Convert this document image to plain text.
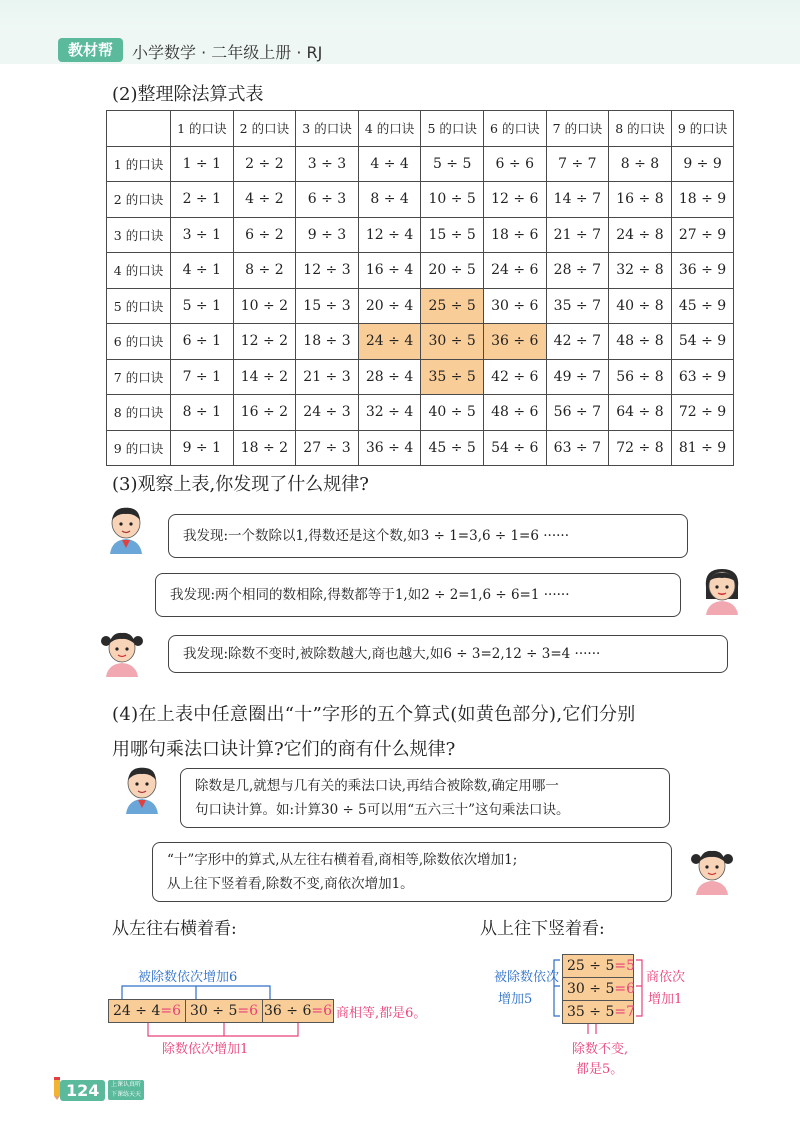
教材帮	小学数学 · 二年级上册 · RJ
(2)整理除法算式表
	1 的口诀	2 的口诀	3 的口诀	4 的口诀	5 的口诀	6 的口诀	7 的口诀	8 的口诀	9 的口诀
1 的口诀	1 ÷ 1	2 ÷ 2	3 ÷ 3	4 ÷ 4	5 ÷ 5	6 ÷ 6	7 ÷ 7	8 ÷ 8	9 ÷ 9
2 的口诀	2 ÷ 1	4 ÷ 2	6 ÷ 3	8 ÷ 4	10 ÷ 5	12 ÷ 6	14 ÷ 7	16 ÷ 8	18 ÷ 9
3 的口诀	3 ÷ 1	6 ÷ 2	9 ÷ 3	12 ÷ 4	15 ÷ 5	18 ÷ 6	21 ÷ 7	24 ÷ 8	27 ÷ 9
4 的口诀	4 ÷ 1	8 ÷ 2	12 ÷ 3	16 ÷ 4	20 ÷ 5	24 ÷ 6	28 ÷ 7	32 ÷ 8	36 ÷ 9
5 的口诀	5 ÷ 1	10 ÷ 2	15 ÷ 3	20 ÷ 4	25 ÷ 5	30 ÷ 6	35 ÷ 7	40 ÷ 8	45 ÷ 9
6 的口诀	6 ÷ 1	12 ÷ 2	18 ÷ 3	24 ÷ 4	30 ÷ 5	36 ÷ 6	42 ÷ 7	48 ÷ 8	54 ÷ 9
7 的口诀	7 ÷ 1	14 ÷ 2	21 ÷ 3	28 ÷ 4	35 ÷ 5	42 ÷ 6	49 ÷ 7	56 ÷ 8	63 ÷ 9
8 的口诀	8 ÷ 1	16 ÷ 2	24 ÷ 3	32 ÷ 4	40 ÷ 5	48 ÷ 6	56 ÷ 7	64 ÷ 8	72 ÷ 9
9 的口诀	9 ÷ 1	18 ÷ 2	27 ÷ 3	36 ÷ 4	45 ÷ 5	54 ÷ 6	63 ÷ 7	72 ÷ 8	81 ÷ 9
(3)观察上表,你发现了什么规律?
我发现:一个数除以1,得数还是这个数,如3 ÷ 1=3,6 ÷ 1=6 ······
我发现:两个相同的数相除,得数都等于1,如2 ÷ 2=1,6 ÷ 6=1 ······
我发现:除数不变时,被除数越大,商也越大,如6 ÷ 3=2,12 ÷ 3=4 ······
(4)在上表中任意圈出“十”字形的五个算式(如黄色部分),它们分别
用哪句乘法口诀计算?它们的商有什么规律?
除数是几,就想与几有关的乘法口诀,再结合被除数,确定用哪一
句口诀计算。如:计算30 ÷ 5可以用“五六三十”这句乘法口诀。
“十”字形中的算式,从左往右横着看,商相等,除数依次增加1;
从上往下竖着看,除数不变,商依次增加1。
从左往右横着看:
被除数依次增加6
24 ÷ 4=6 30 ÷ 5=6 36 ÷ 6=6 商相等,都是6。
除数依次增加1
从上往下竖着看:
被除数依次
增加5
25 ÷ 5=5
30 ÷ 5=6
35 ÷ 5=7
商依次
增加1
除数不变,
都是5。
124	上课认真听
下课练天天
